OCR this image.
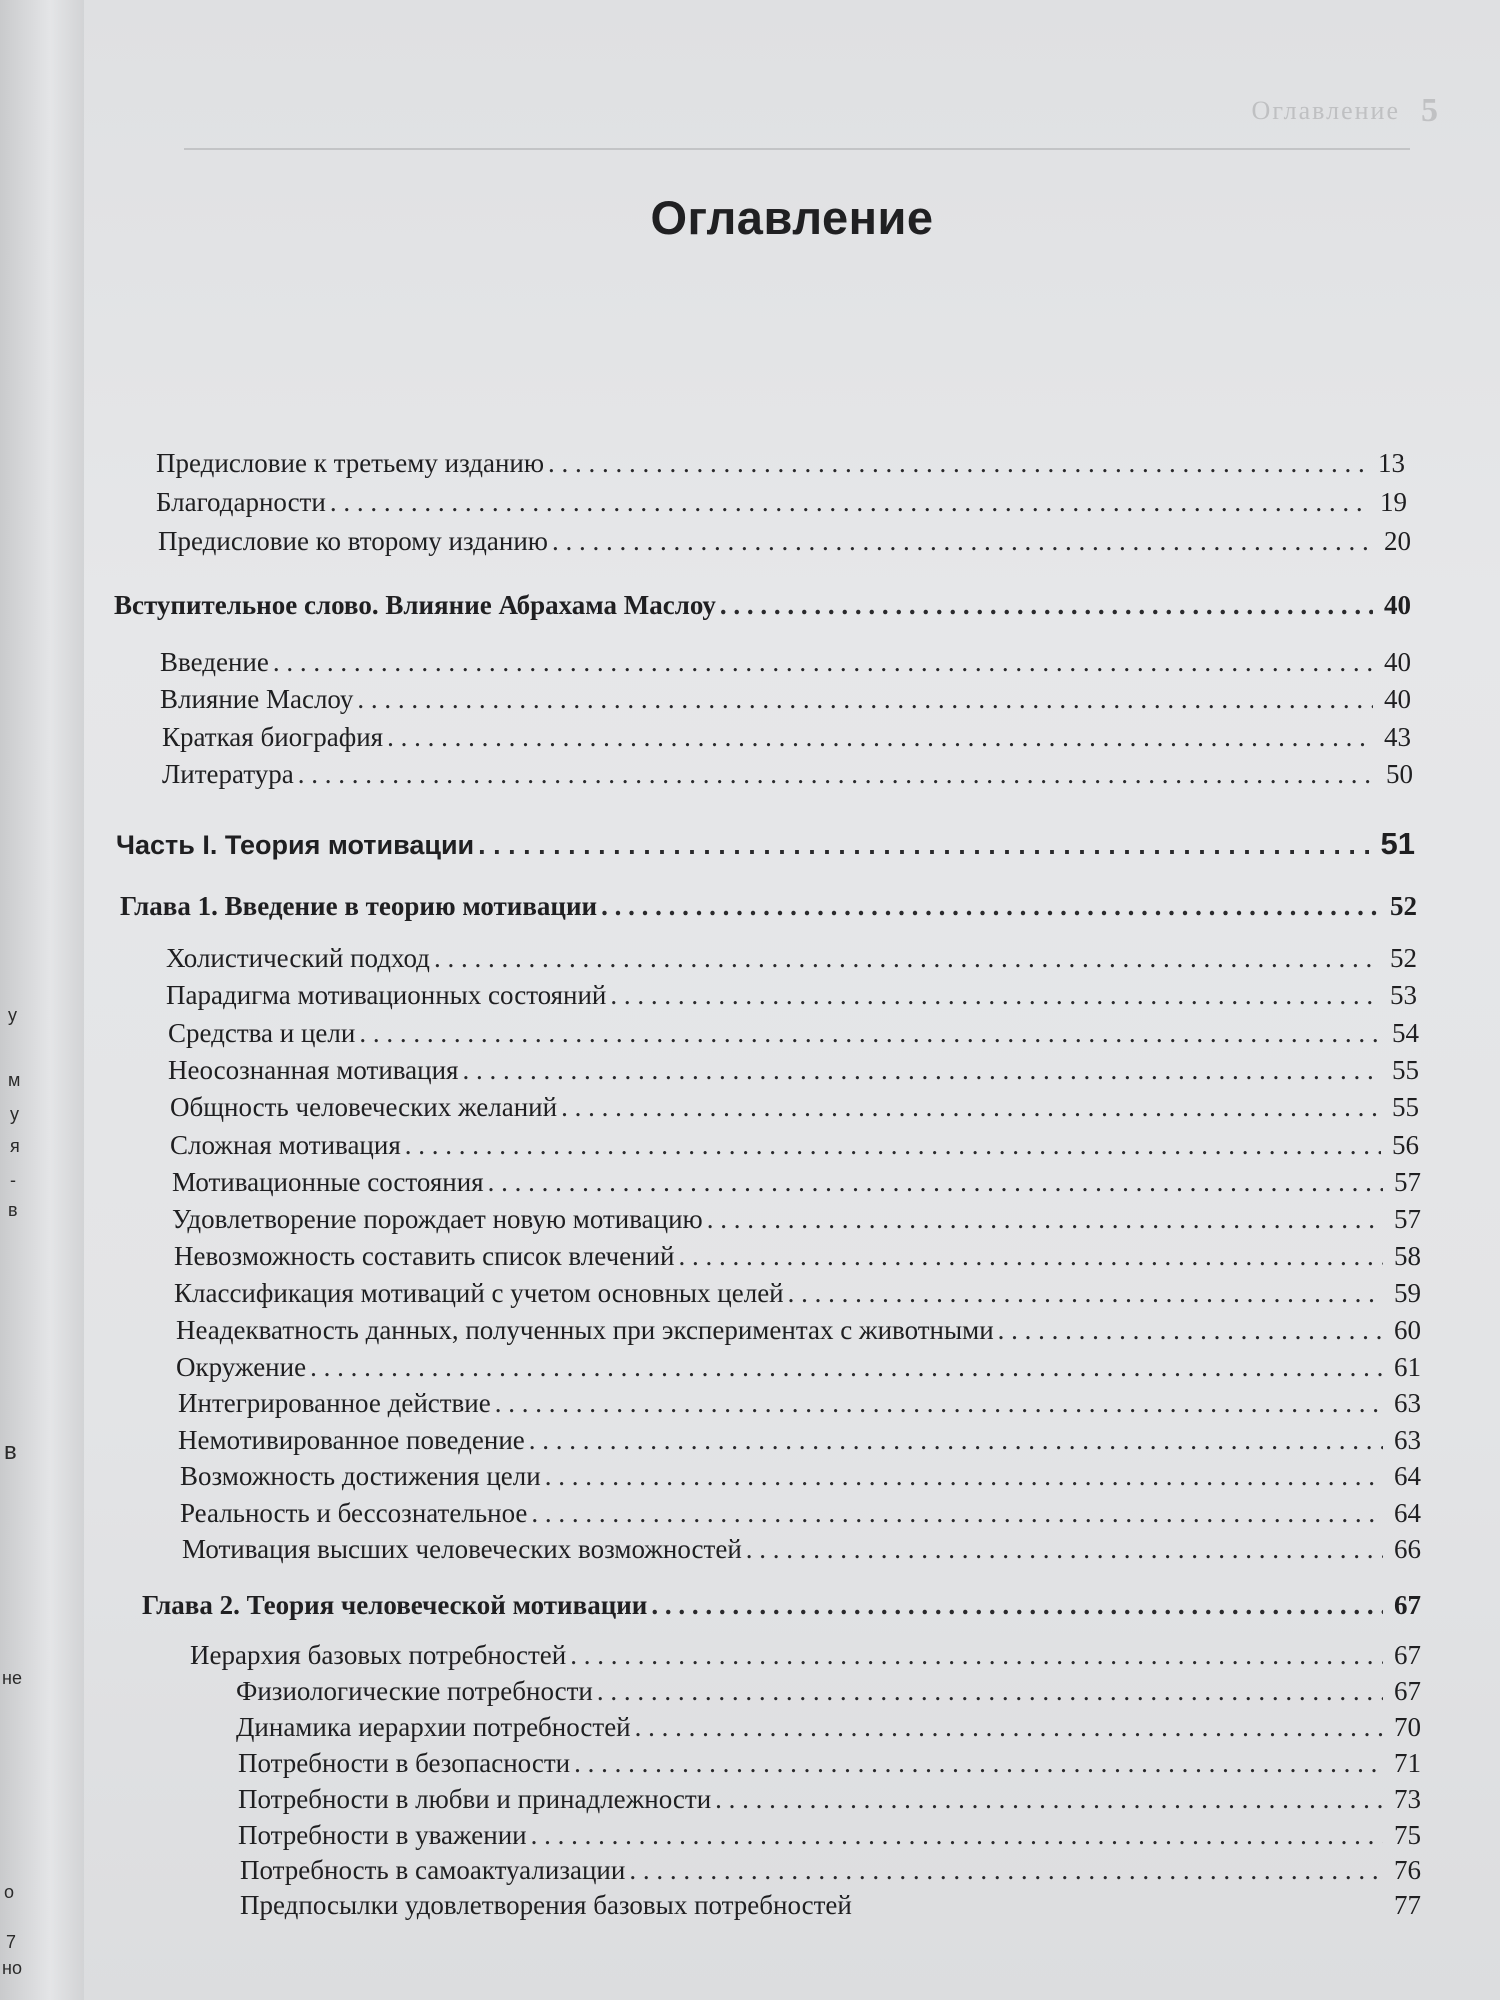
у
м
у
я
-
в
в
не
о
7
но
Оглавление 5
Оглавление
Предисловие к третьему изданию . . .	13
Благодарности . . .	19
Предисловие ко второму изданию . . .	20
Вступительное слово. Влияние Абрахама Маслоу . . .	40
Введение . . .	40
Влияние Маслоу . . .	40
Краткая биография . . .	43
Литература . . .	50
Часть I. Теория мотивации . . .	51
Глава 1. Введение в теорию мотивации . . .	52
Холистический подход . . .	52
Парадигма мотивационных состояний . . .	53
Средства и цели . . .	54
Неосознанная мотивация . . .	55
Общность человеческих желаний . . .	55
Сложная мотивация . . .	56
Мотивационные состояния . . .	57
Удовлетворение порождает новую мотивацию . . .	57
Невозможность составить список влечений . . .	58
Классификация мотиваций с учетом основных целей . . .	59
Неадекватность данных, полученных при экспериментах с животными . . .	60
Окружение . . .	61
Интегрированное действие . . .	63
Немотивированное поведение . . .	63
Возможность достижения цели . . .	64
Реальность и бессознательное . . .	64
Мотивация высших человеческих возможностей . . .	66
Глава 2. Теория человеческой мотивации . . .	67
Иерархия базовых потребностей . . .	67
Физиологические потребности . . .	67
Динамика иерархии потребностей . . .	70
Потребности в безопасности . . .	71
Потребности в любви и принадлежности . . .	73
Потребности в уважении . . .	75
Потребность в самоактуализации . . .	76
Предпосылки удовлетворения базовых потребностей	77
